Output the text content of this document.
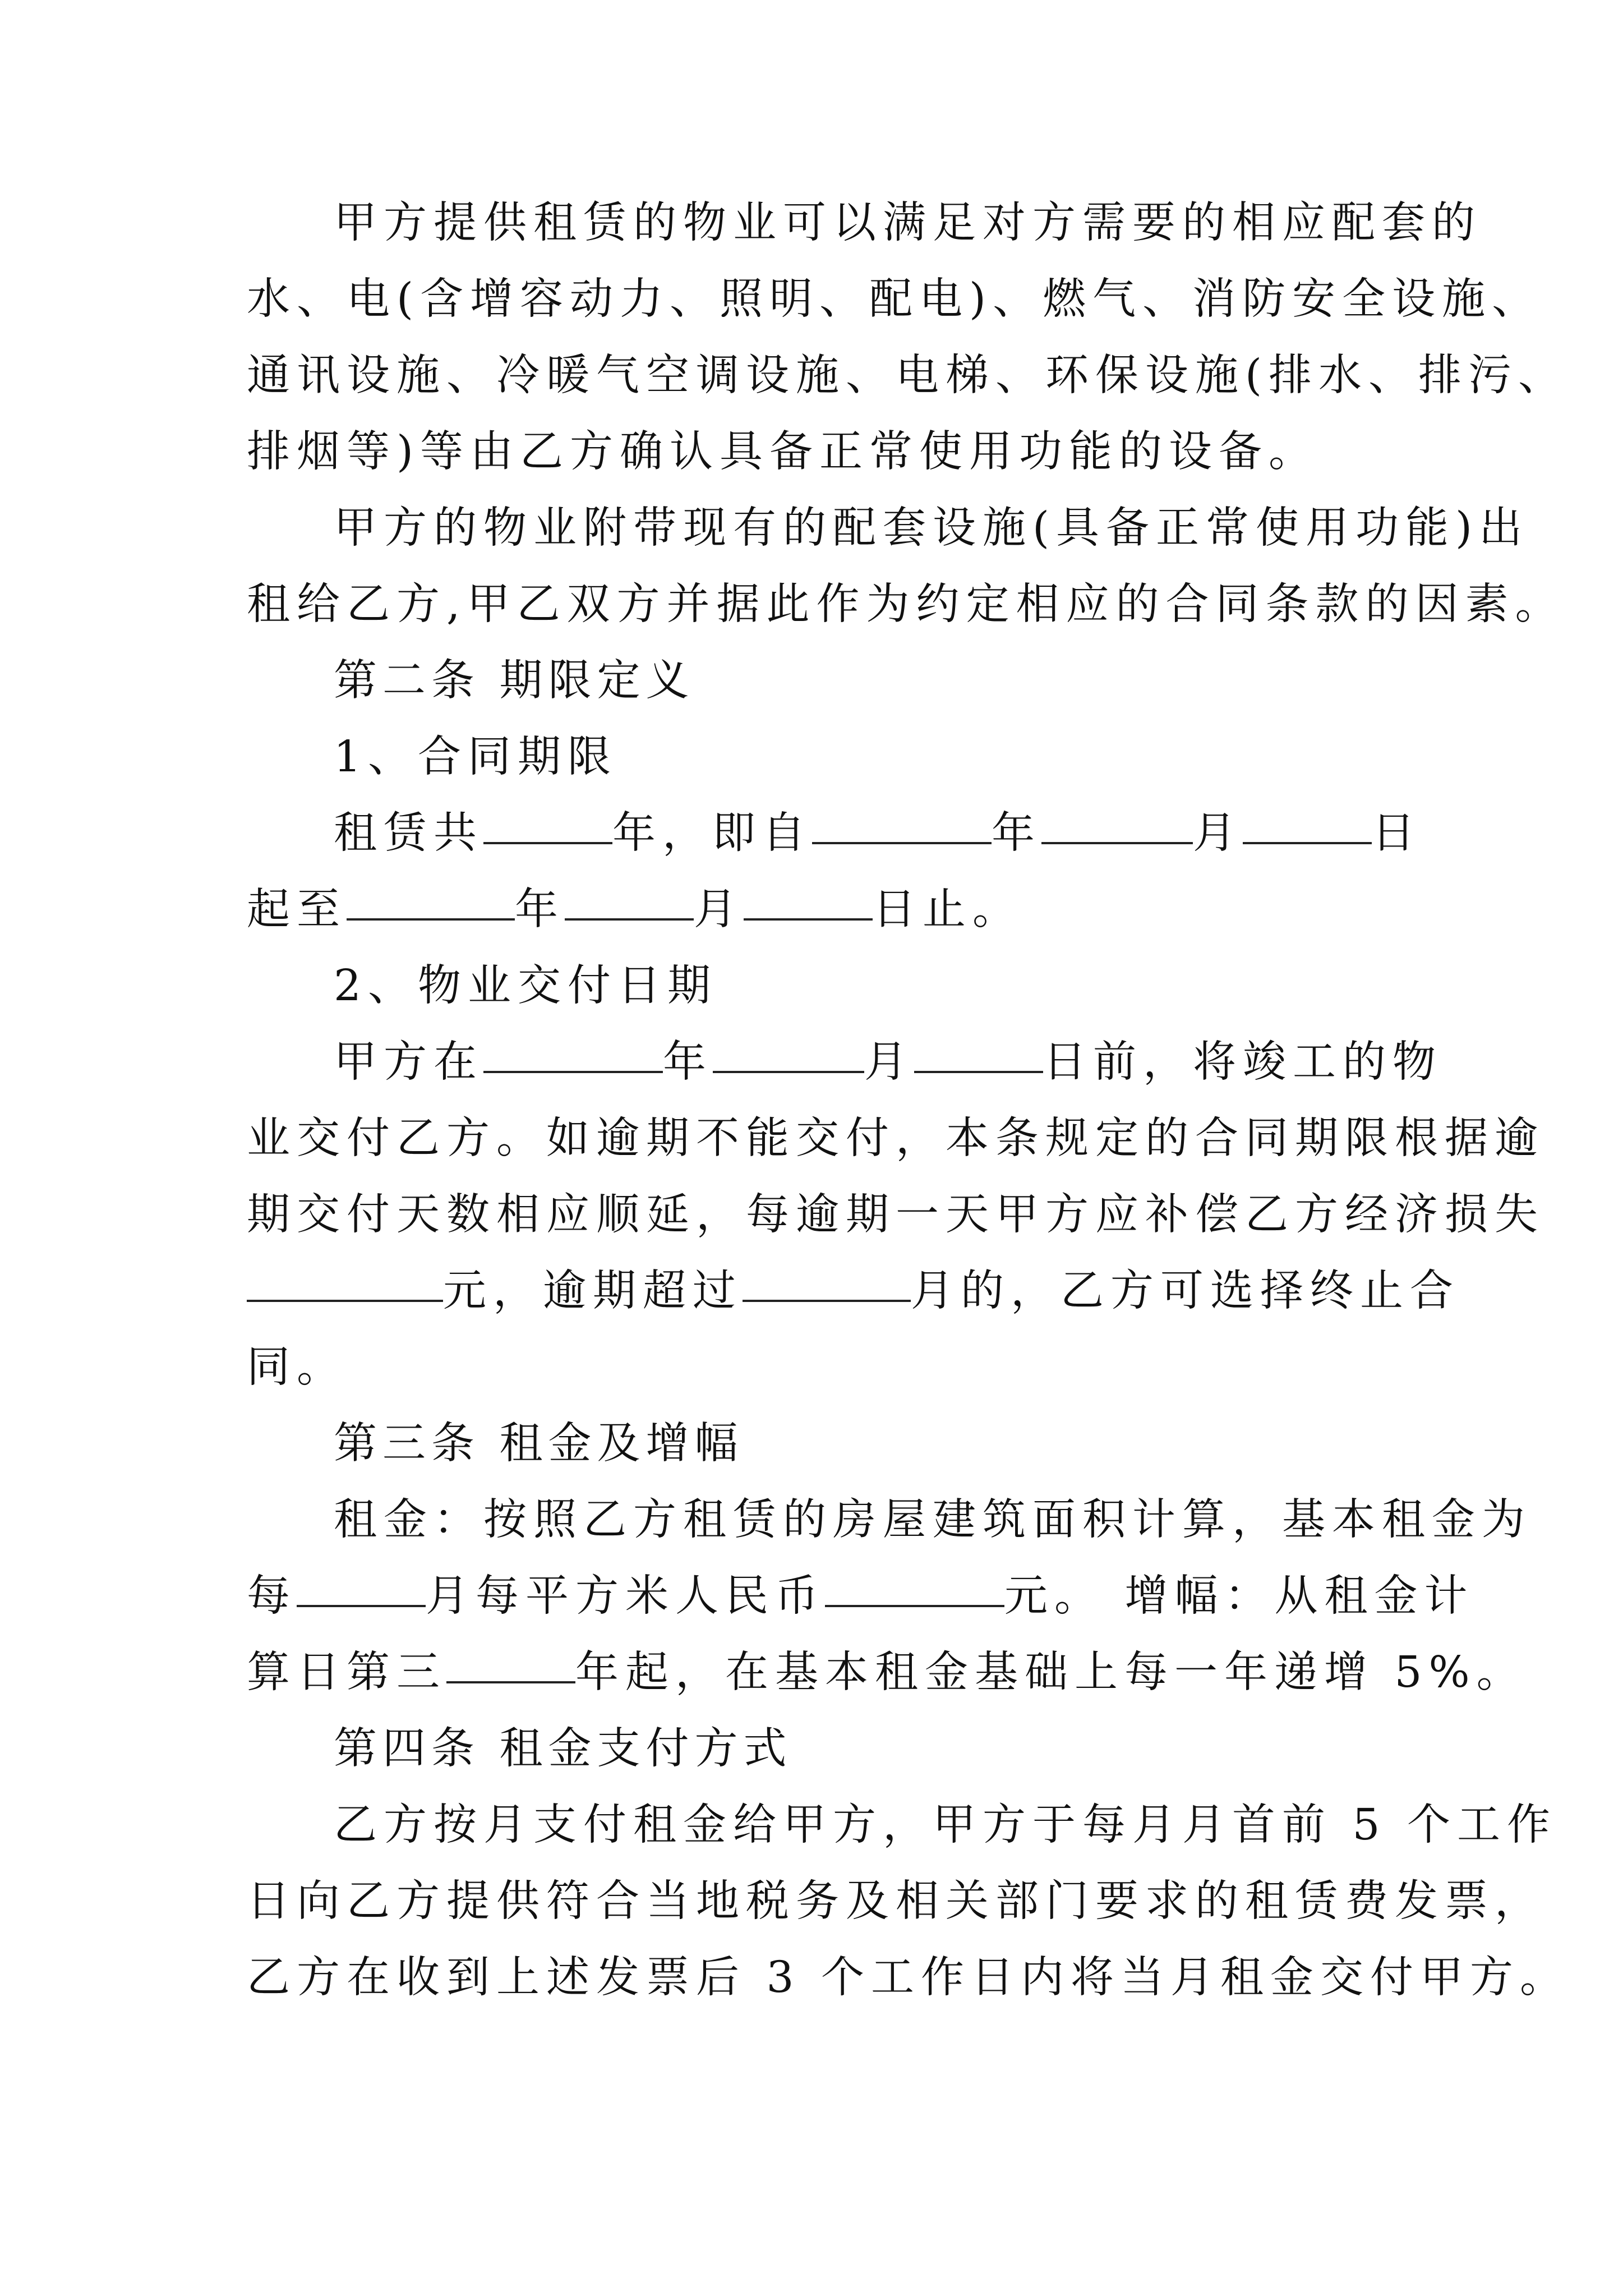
甲方提供租赁的物业可以满足对方需要的相应配套的
水、电(含增容动力、照明、配电)、燃气、消防安全设施、
通讯设施、冷暖气空调设施、电梯、环保设施(排水、排污、
排烟等)等由乙方确认具备正常使用功能的设备。
甲方的物业附带现有的配套设施(具备正常使用功能)出
租给乙方,甲乙双方并据此作为约定相应的合同条款的因素。
第二条 期限定义
1、合同期限
租赁共	年，即自	年	月	日
起至	年	月	日止。
2、物业交付日期
甲方在	年	月	日前，将竣工的物
业交付乙方。如逾期不能交付，本条规定的合同期限根据逾
期交付天数相应顺延，每逾期一天甲方应补偿乙方经济损失
元，逾期超过	月的，乙方可选择终止合
同。
第三条 租金及增幅
租金：按照乙方租赁的房屋建筑面积计算，基本租金为
每	月每平方米人民币	元。 增幅：从租金计
算日第三	年起，在基本租金基础上每一年递增 5%。
第四条 租金支付方式
乙方按月支付租金给甲方，甲方于每月月首前 5 个工作
日向乙方提供符合当地税务及相关部门要求的租赁费发票，
乙方在收到上述发票后 3 个工作日内将当月租金交付甲方。
